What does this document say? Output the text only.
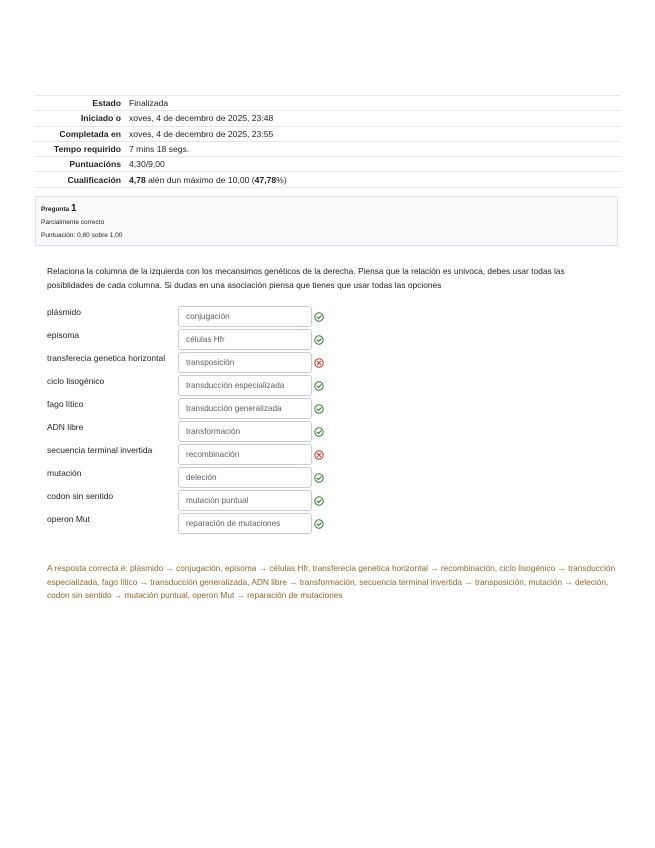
Estado	Finalizada
Iniciado o	xoves, 4 de decembro de 2025, 23:48
Completada en	xoves, 4 de decembro de 2025, 23:55
Tempo requirido	7 mins 18 segs.
Puntuacións	4,30/9,00
Cualificación	4,78 alén dun máximo de 10,00 (47,78%)
Pregunta 1
Parcialmente correcto
Puntuación: 0,80 sobre 1,00
Relaciona la columna de la izquierda con los mecansimos genéticos de la derecha. Piensa que la relación es univoca, debes usar todas las posiblidades de cada columna. Si dudas en una asociación piensa que tienes que usar todas las opciones
plásmido	conjugación
episoma	células Hfr
transferecia genetica horizontal	transposición
ciclo lisogénico	transducción especializada
fago lítico	transducción generalizada
ADN libre	transformación
secuencia terminal invertida	recombinación
mutación	deleción
codon sin sentido	mutación puntual
operon Mut	reparación de mutaciones
A resposta correcta é: plásmido → conjugación, episoma → células Hfr, transferecia genetica horizontal → recombinación, ciclo lisogénico → transducción especializada, fago lítico → transducción generalizada, ADN libre → transformación, secuencia terminal invertida → transposición, mutación → deleción, codon sin sentido → mutación puntual, operon Mut → reparación de mutaciones
